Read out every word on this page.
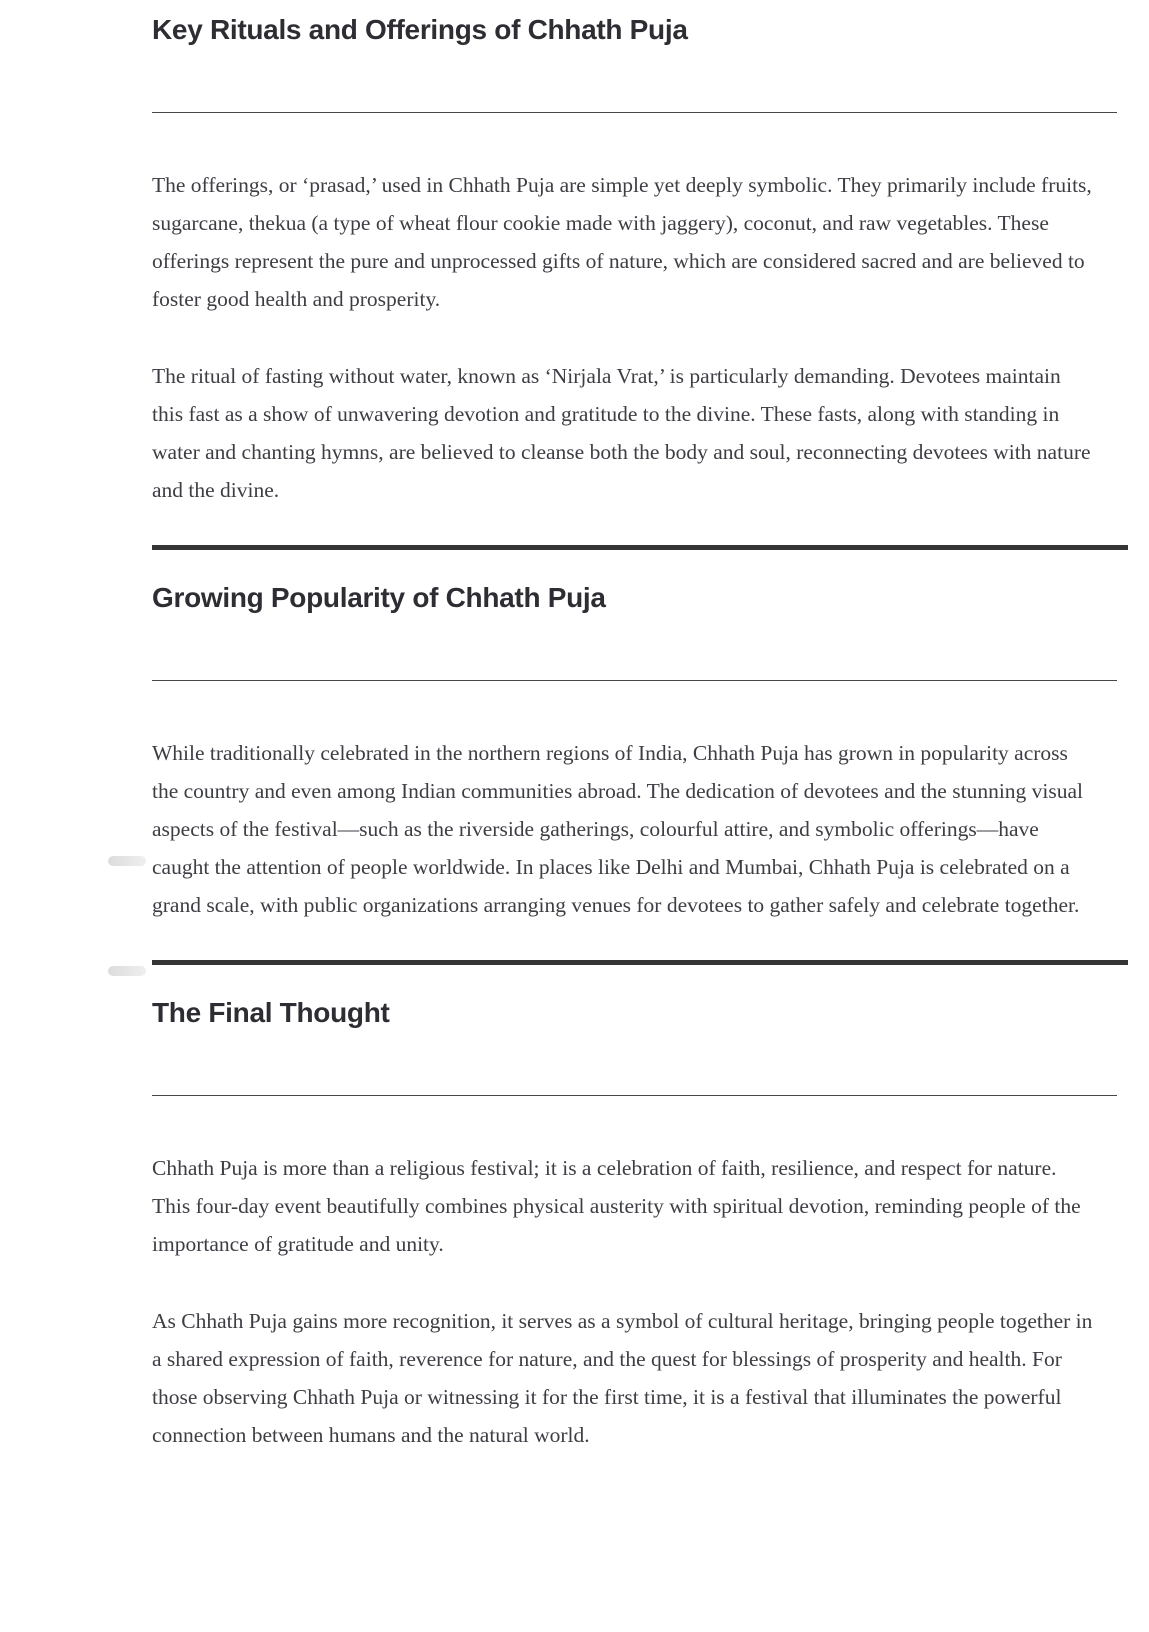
Key Rituals and Offerings of Chhath Puja

The offerings, or ‘prasad,’ used in Chhath Puja are simple yet deeply symbolic. They primarily include fruits, sugarcane, thekua (a type of wheat flour cookie made with jaggery), coconut, and raw vegetables. These offerings represent the pure and unprocessed gifts of nature, which are considered sacred and are believed to foster good health and prosperity.

The ritual of fasting without water, known as ‘Nirjala Vrat,’ is particularly demanding. Devotees maintain this fast as a show of unwavering devotion and gratitude to the divine. These fasts, along with standing in water and chanting hymns, are believed to cleanse both the body and soul, reconnecting devotees with nature and the divine.

Growing Popularity of Chhath Puja

While traditionally celebrated in the northern regions of India, Chhath Puja has grown in popularity across the country and even among Indian communities abroad. The dedication of devotees and the stunning visual aspects of the festival—such as the riverside gatherings, colourful attire, and symbolic offerings—have caught the attention of people worldwide. In places like Delhi and Mumbai, Chhath Puja is celebrated on a grand scale, with public organizations arranging venues for devotees to gather safely and celebrate together.

The Final Thought

Chhath Puja is more than a religious festival; it is a celebration of faith, resilience, and respect for nature. This four-day event beautifully combines physical austerity with spiritual devotion, reminding people of the importance of gratitude and unity.

As Chhath Puja gains more recognition, it serves as a symbol of cultural heritage, bringing people together in a shared expression of faith, reverence for nature, and the quest for blessings of prosperity and health. For those observing Chhath Puja or witnessing it for the first time, it is a festival that illuminates the powerful connection between humans and the natural world.
